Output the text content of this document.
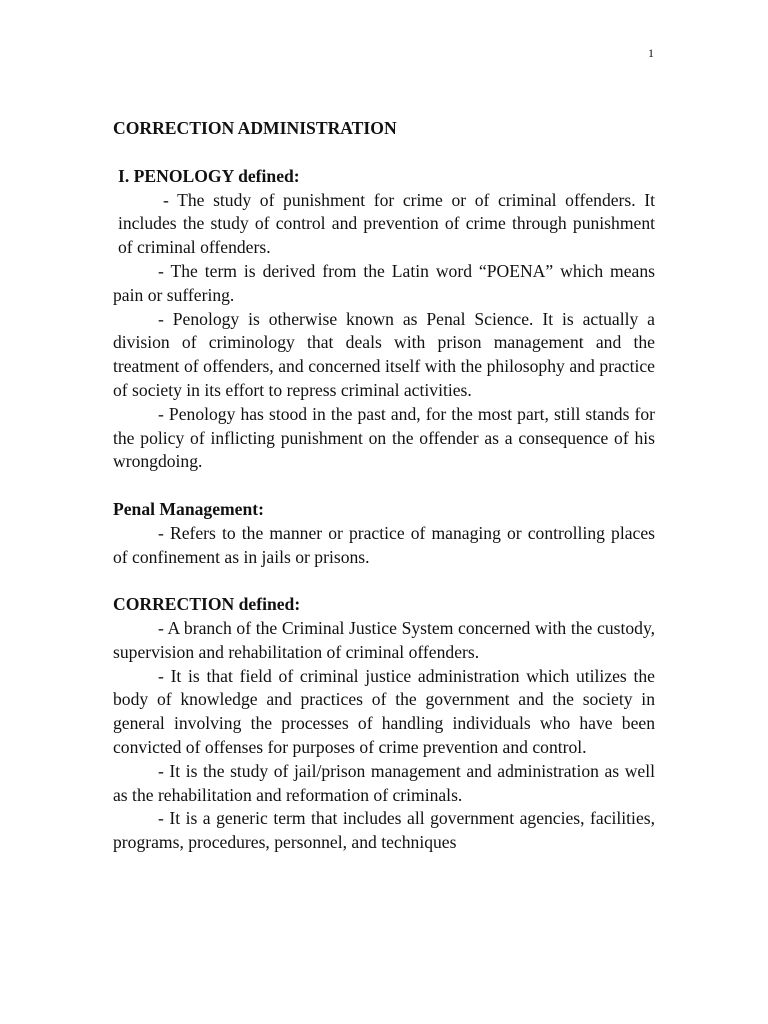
1

CORRECTION ADMINISTRATION

I. PENOLOGY defined:

- The study of punishment for crime or of criminal offenders. It includes the study of control and prevention of crime through punishment of criminal offenders.

- The term is derived from the Latin word “POENA” which means pain or suffering.

- Penology is otherwise known as Penal Science. It is actually a division of criminology that deals with prison management and the treatment of offenders, and concerned itself with the philosophy and practice of society in its effort to repress criminal activities.

- Penology has stood in the past and, for the most part, still stands for the policy of inflicting punishment on the offender as a consequence of his wrongdoing.

Penal Management:

- Refers to the manner or practice of managing or controlling places of confinement as in jails or prisons.

CORRECTION defined:

- A branch of the Criminal Justice System concerned with the custody, supervision and rehabilitation of criminal offenders.

- It is that field of criminal justice administration which utilizes the body of knowledge and practices of the government and the society in general involving the processes of handling individuals who have been convicted of offenses for purposes of crime prevention and control.

- It is the study of jail/prison management and administration as well as the rehabilitation and reformation of criminals.

- It is a generic term that includes all government agencies, facilities, programs, procedures, personnel, and techniques
